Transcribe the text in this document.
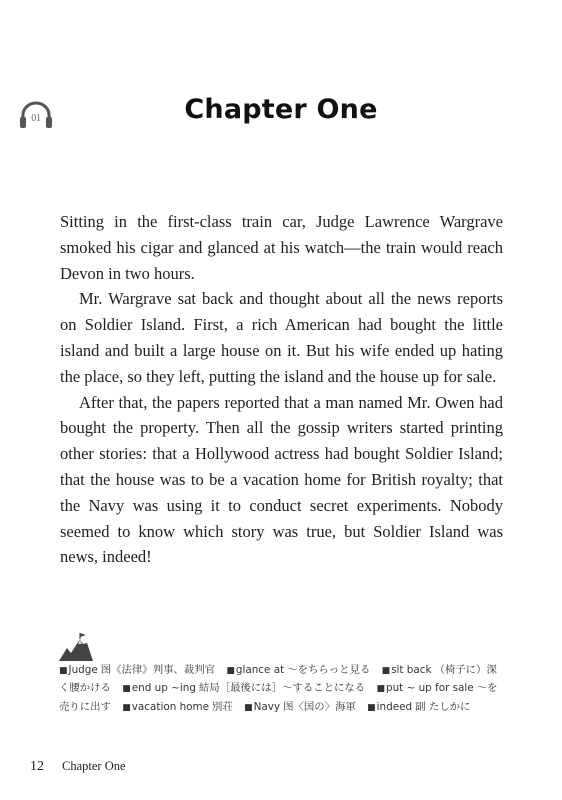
01	Chapter One

Sitting in the first-class train car, Judge Lawrence Wargrave smoked his cigar and glanced at his watch—the train would reach Devon in two hours.

Mr. Wargrave sat back and thought about all the news reports on Soldier Island. First, a rich American had bought the little island and built a large house on it. But his wife ended up hating the place, so they left, putting the island and the house up for sale.

After that, the papers reported that a man named Mr. Owen had bought the property. Then all the gossip writers started printing other stories: that a Hollywood actress had bought Soldier Island; that the house was to be a vacation home for British royalty; that the Navy was using it to conduct secret experiments. Nobody seemed to know which story was true, but Soldier Island was news, indeed!

■ Judge 图《法律》判事、裁判官 ■ glance at ～をちらっと見る ■ sit back （椅子に）深く腰かける ■ end up ~ing 結局［最後には］～することになる ■ put ~ up for sale ～を売りに出す ■ vacation home 別荘 ■ Navy 图〈国の〉海軍 ■ indeed 副 たしかに
12 Chapter One
